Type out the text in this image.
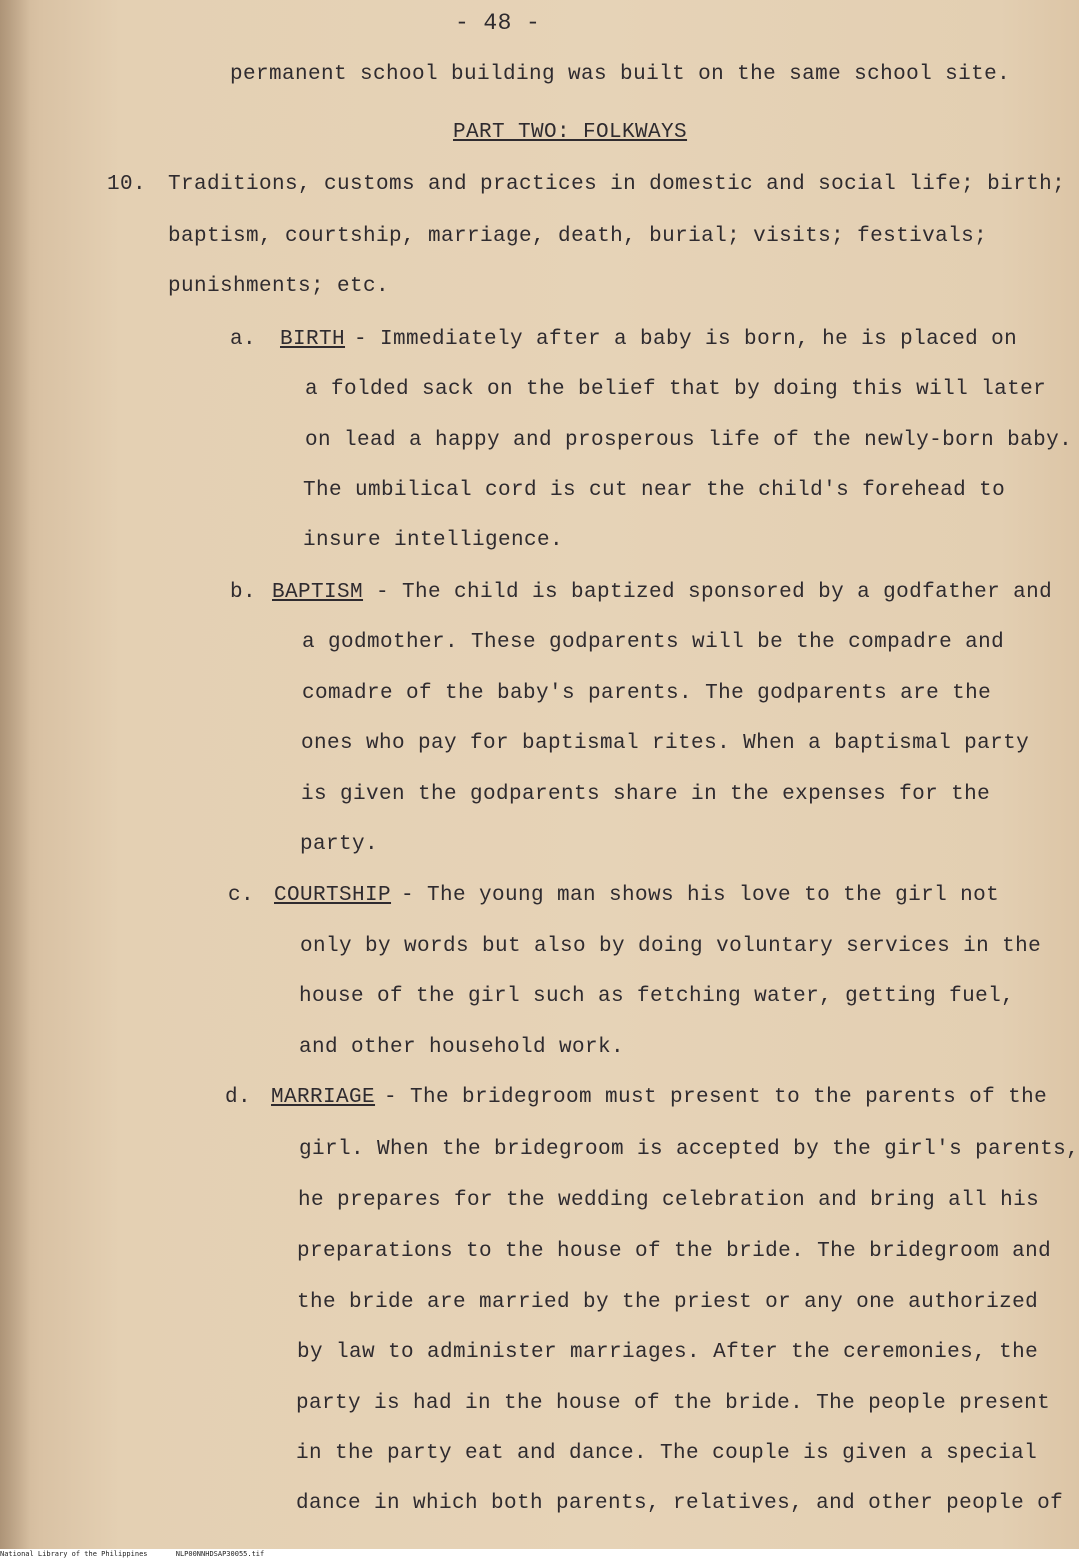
- 48 -
permanent school building was built on the same school site.
PART TWO: FOLKWAYS
10. Traditions, customs and practices in domestic and social life; birth;
baptism, courtship, marriage, death, burial; visits; festivals;
punishments; etc.
a. BIRTH - Immediately after a baby is born, he is placed on
a folded sack on the belief that by doing this will later
on lead a happy and prosperous life of the newly-born baby.
The umbilical cord is cut near the child's forehead to
insure intelligence.
b. BAPTISM - The child is baptized sponsored by a godfather and
a godmother. These godparents will be the compadre and
comadre of the baby's parents. The godparents are the
ones who pay for baptismal rites. When a baptismal party
is given the godparents share in the expenses for the
party.
c. COURTSHIP - The young man shows his love to the girl not
only by words but also by doing voluntary services in the
house of the girl such as fetching water, getting fuel,
and other household work.
d. MARRIAGE - The bridegroom must present to the parents of the
girl. When the bridegroom is accepted by the girl's parents,
he prepares for the wedding celebration and bring all his
preparations to the house of the bride. The bridegroom and
the bride are married by the priest or any one authorized
by law to administer marriages. After the ceremonies, the
party is had in the house of the bride. The people present
in the party eat and dance. The couple is given a special
dance in which both parents, relatives, and other people of
National Library of the Philippines	NLP00NNHDSAP30055.tif
